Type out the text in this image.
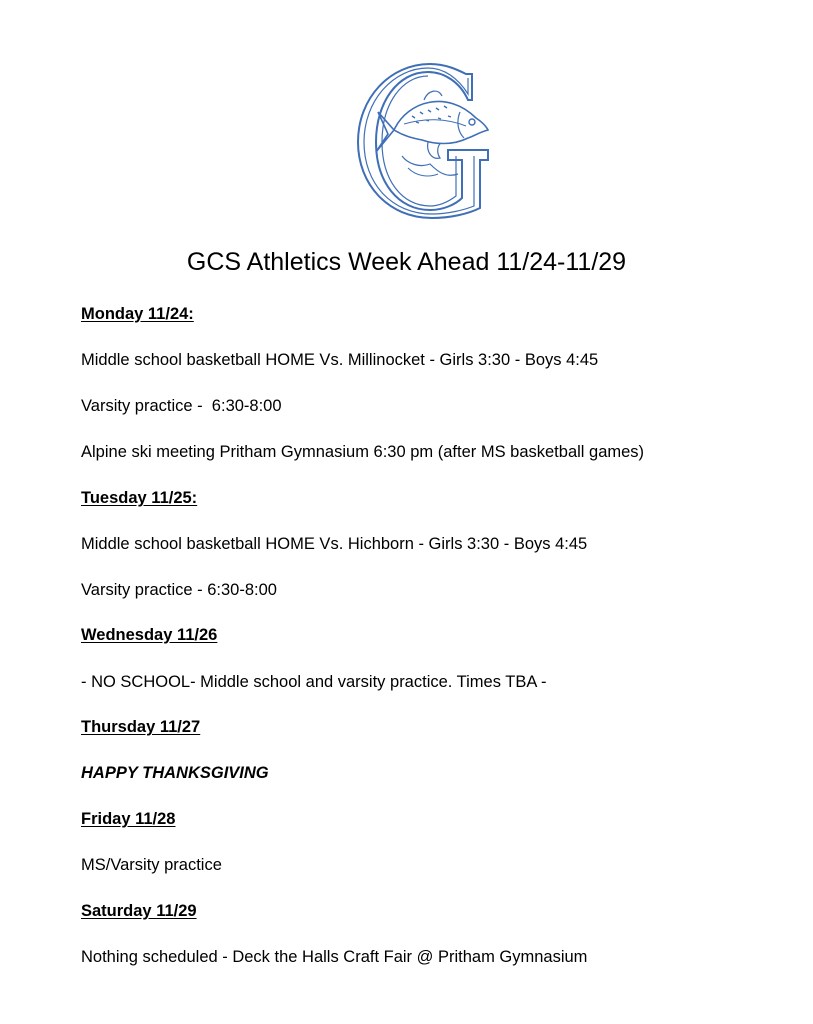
GCS Athletics Week Ahead 11/24-11/29
Monday 11/24:
Middle school basketball HOME Vs. Millinocket - Girls 3:30 - Boys 4:45
Varsity practice -  6:30-8:00
Alpine ski meeting Pritham Gymnasium 6:30 pm (after MS basketball games)
Tuesday 11/25:
Middle school basketball HOME Vs. Hichborn - Girls 3:30 - Boys 4:45
Varsity practice - 6:30-8:00
Wednesday 11/26
- NO SCHOOL- Middle school and varsity practice. Times TBA -
Thursday 11/27
HAPPY THANKSGIVING
Friday 11/28
MS/Varsity practice
Saturday 11/29
Nothing scheduled - Deck the Halls Craft Fair @ Pritham Gymnasium
